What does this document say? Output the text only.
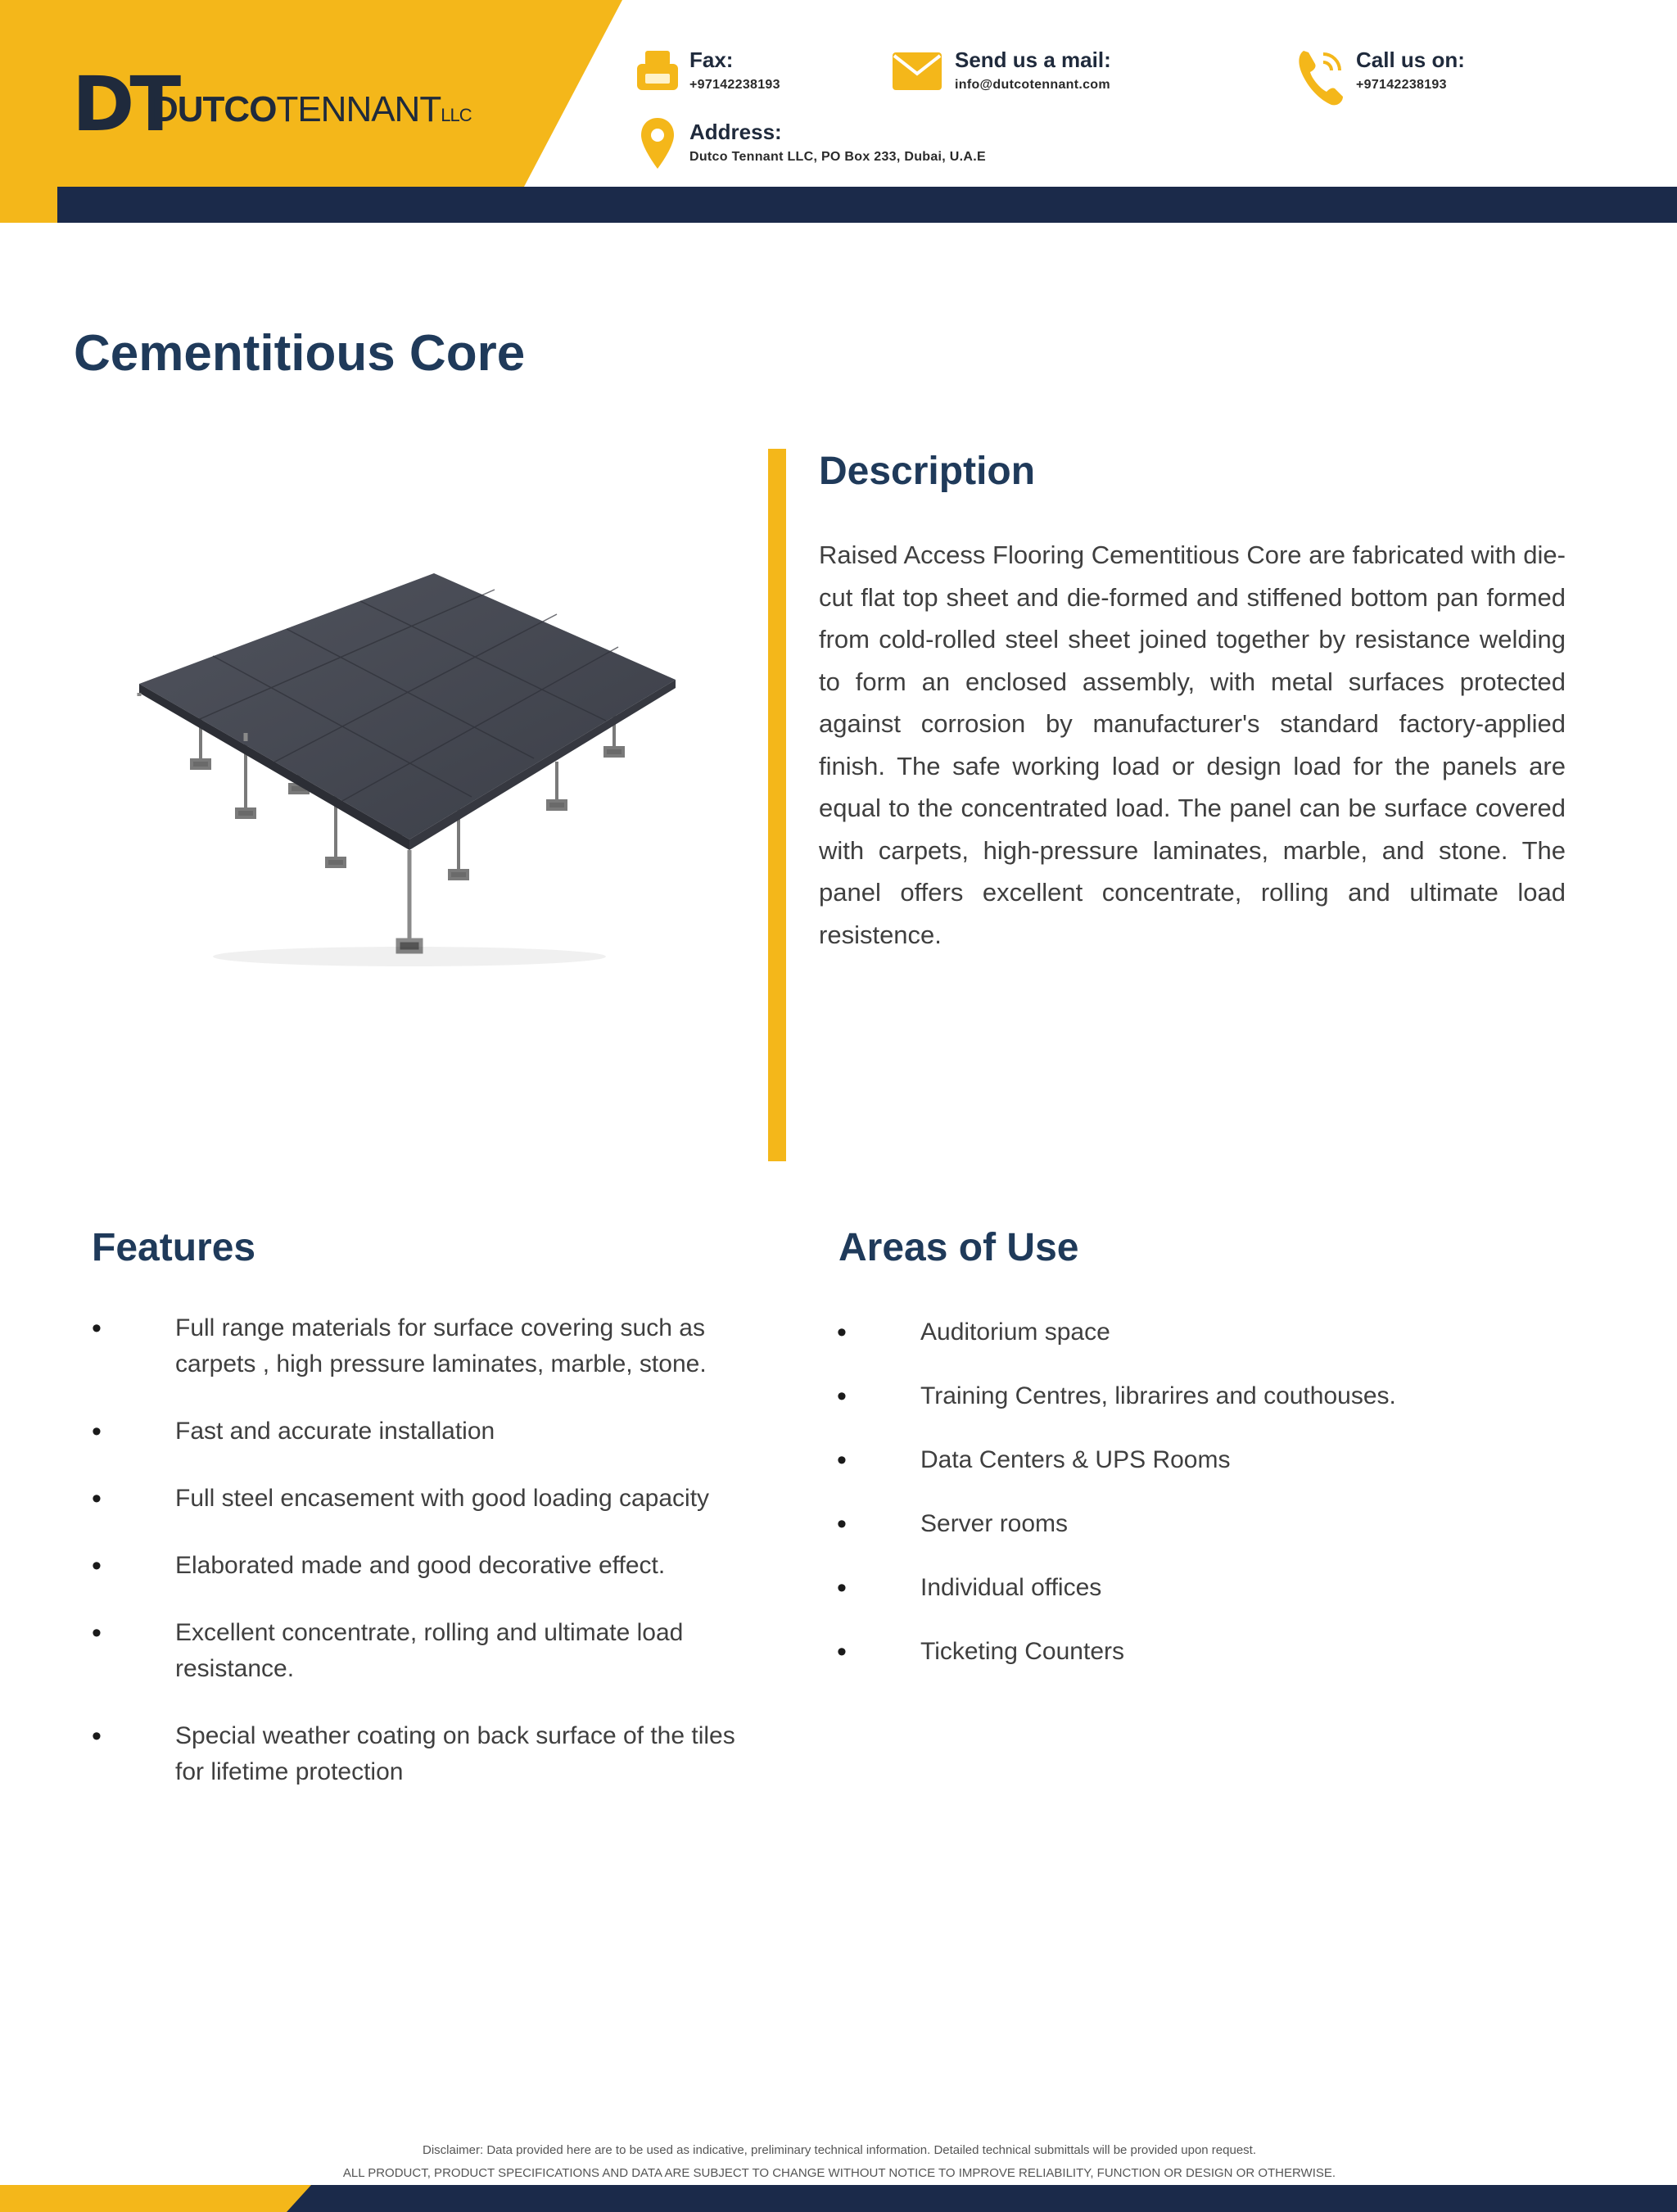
DT
DUTCOTENNANTLLC
Fax:
+97142238193
Send us a mail:
info@dutcotennant.com
Call us on:
+97142238193
Address:
Dutco Tennant LLC, PO Box 233, Dubai, U.A.E
Cementitious Core
Description
Raised Access Flooring Cementitious Core are fabricated with die-cut flat top sheet and die-formed and stiffened bottom pan formed from cold-rolled steel sheet joined together by resistance welding to form an enclosed assembly, with metal surfaces protected against corrosion by manufacturer's standard factory-applied finish. The safe working load or design load for the panels are equal to the concentrated load. The panel can be surface covered with carpets, high-pressure laminates, marble, and stone. The panel offers excellent concentrate, rolling and ultimate load resistence.
Features
• Full range materials for surface covering such as carpets , high pressure laminates, marble, stone.
• Fast and accurate installation
• Full steel encasement with good loading capacity
• Elaborated made and good decorative effect.
• Excellent concentrate, rolling and ultimate load resistance.
• Special weather coating on back surface of the tiles for lifetime protection
Areas of Use
• Auditorium space
• Training Centres, librarires and couthouses.
• Data Centers & UPS Rooms
• Server rooms
• Individual offices
• Ticketing Counters
Disclaimer: Data provided here are to be used as indicative, preliminary technical information. Detailed technical submittals will be provided upon request.
ALL PRODUCT, PRODUCT SPECIFICATIONS AND DATA ARE SUBJECT TO CHANGE WITHOUT NOTICE TO IMPROVE RELIABILITY, FUNCTION OR DESIGN OR OTHERWISE.
